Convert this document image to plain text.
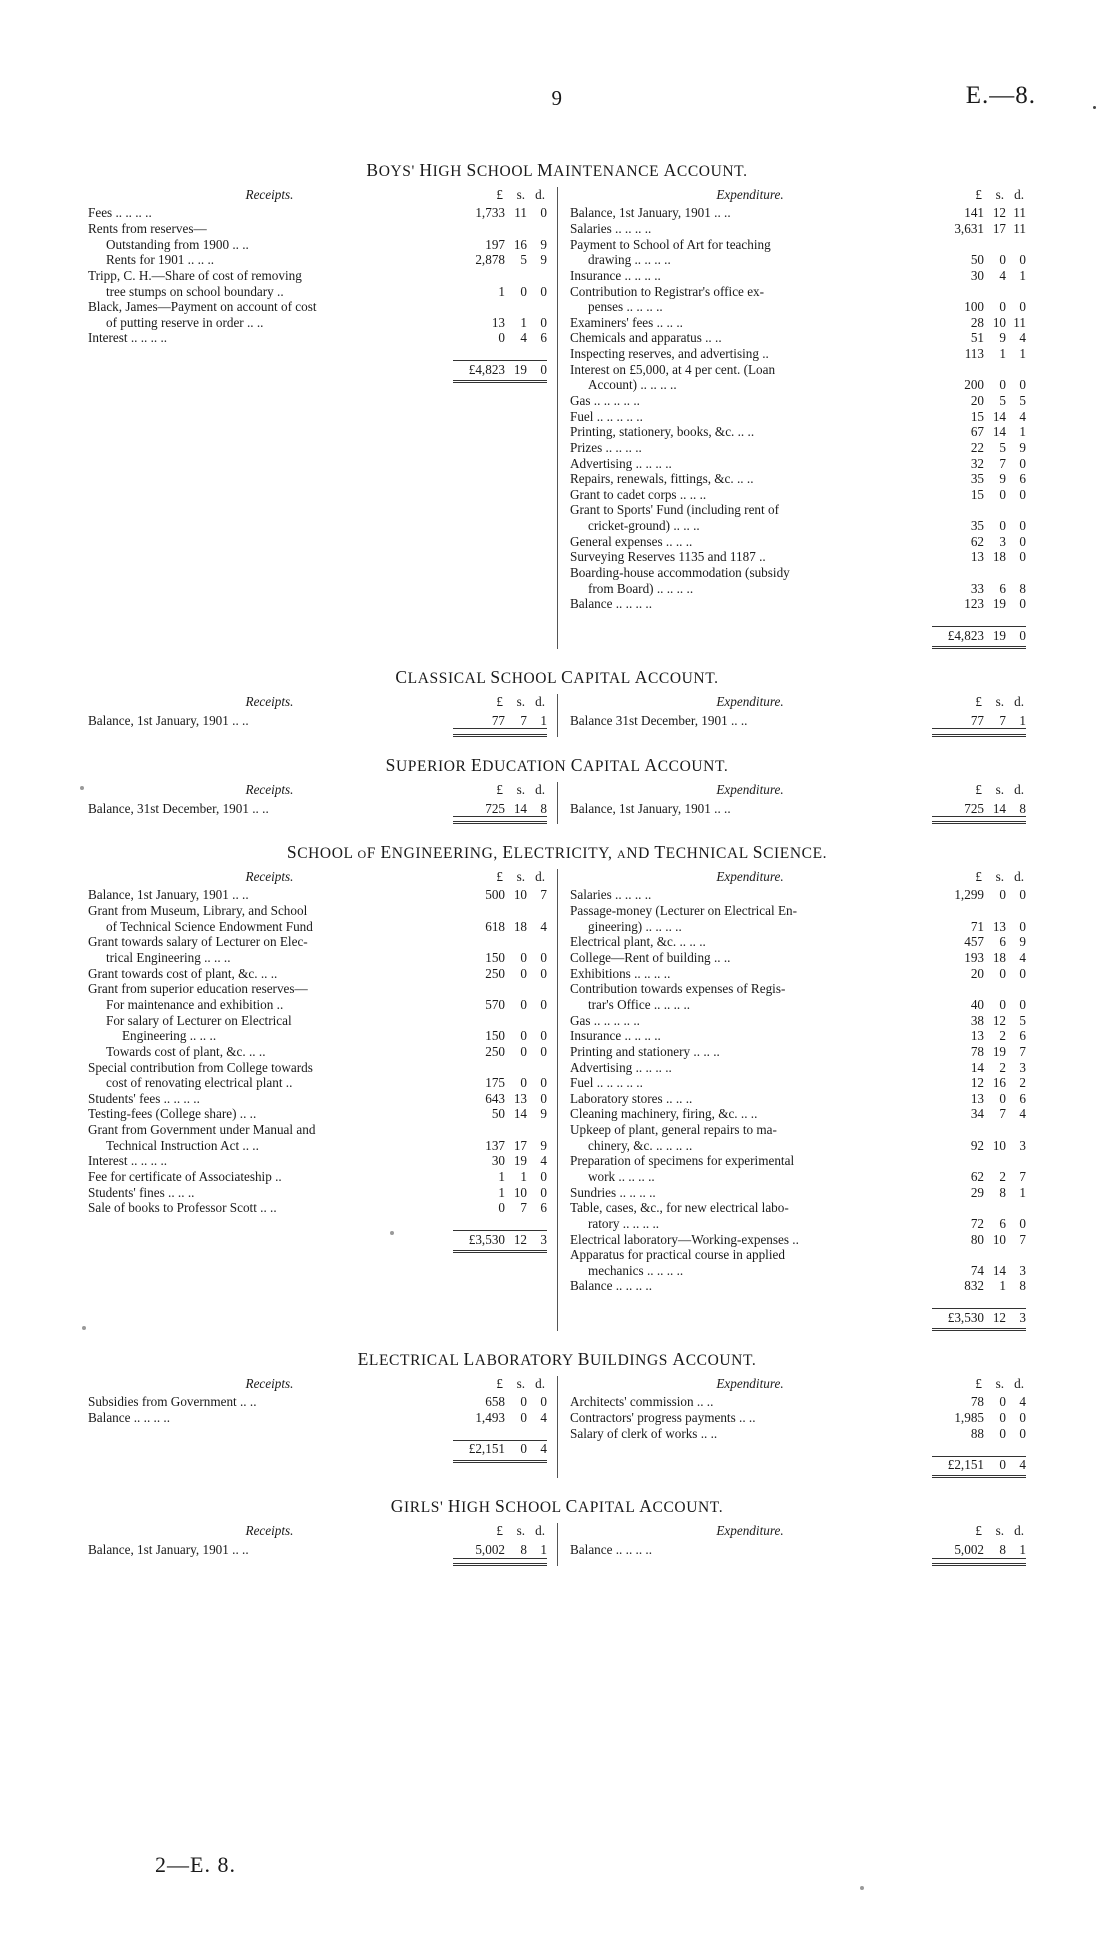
9	E.—8.
BOYS' HIGH SCHOOL MAINTENANCE ACCOUNT.
Receipts.	£ s. d.
Fees .. .. .. ..	1,733	11	0
Rents from reserves—			
Outstanding from 1900 .. ..	197	16	9
Rents for 1901 .. .. ..	2,878	5	9
Tripp, C. H.—Share of cost of removing			
tree stumps on school boundary ..	1	0	0
Black, James—Payment on account of cost			
of putting reserve in order .. ..	13	1	0
Interest .. .. .. ..	0	4	6

	£4,823	19	0

Expenditure.	£ s. d.
Balance, 1st January, 1901 .. ..	141	12	11
Salaries .. .. .. ..	3,631	17	11
Payment to School of Art for teaching			
drawing .. .. .. ..	50	0	0
Insurance .. .. .. ..	30	4	1
Contribution to Registrar's office ex-			
penses .. .. .. ..	100	0	0
Examiners' fees .. .. ..	28	10	11
Chemicals and apparatus .. ..	51	9	4
Inspecting reserves, and advertising ..	113	1	1
Interest on £5,000, at 4 per cent. (Loan			
Account) .. .. .. ..	200	0	0
Gas .. .. .. .. ..	20	5	5
Fuel .. .. .. .. ..	15	14	4
Printing, stationery, books, &c. .. ..	67	14	1
Prizes .. .. .. ..	22	5	9
Advertising .. .. .. ..	32	7	0
Repairs, renewals, fittings, &c. .. ..	35	9	6
Grant to cadet corps .. .. ..	15	0	0
Grant to Sports' Fund (including rent of			
cricket-ground) .. .. ..	35	0	0
General expenses .. .. ..	62	3	0
Surveying Reserves 1135 and 1187 ..	13	18	0
Boarding-house accommodation (subsidy			
from Board) .. .. .. ..	33	6	8
Balance .. .. .. ..	123	19	0

	£4,823	19	0

CLASSICAL SCHOOL CAPITAL ACCOUNT.
Receipts.	£ s. d.
Balance, 1st January, 1901 .. ..	77	7	1

Expenditure.	£ s. d.
Balance 31st December, 1901 .. ..	77	7	1

SUPERIOR EDUCATION CAPITAL ACCOUNT.
Receipts.	£ s. d.
Balance, 31st December, 1901 .. ..	725	14	8

Expenditure.	£ s. d.
Balance, 1st January, 1901 .. ..	725	14	8

SCHOOL oF ENGINEERING, ELECTRICITY, aND TECHNICAL SCIENCE.
Receipts.	£ s. d.
Balance, 1st January, 1901 .. ..	500	10	7
Grant from Museum, Library, and School			
of Technical Science Endowment Fund	618	18	4
Grant towards salary of Lecturer on Elec-			
trical Engineering .. .. ..	150	0	0
Grant towards cost of plant, &c. .. ..	250	0	0
Grant from superior education reserves—			
For maintenance and exhibition ..	570	0	0
For salary of Lecturer on Electrical			
Engineering .. .. ..	150	0	0
Towards cost of plant, &c. .. ..	250	0	0
Special contribution from College towards			
cost of renovating electrical plant ..	175	0	0
Students' fees .. .. .. ..	643	13	0
Testing-fees (College share) .. ..	50	14	9
Grant from Government under Manual and			
Technical Instruction Act .. ..	137	17	9
Interest .. .. .. ..	30	19	4
Fee for certificate of Associateship ..	1	1	0
Students' fines .. .. ..	1	10	0
Sale of books to Professor Scott .. ..	0	7	6

	£3,530	12	3

Expenditure.	£ s. d.
Salaries .. .. .. ..	1,299	0	0
Passage-money (Lecturer on Electrical En-			
gineering) .. .. .. ..	71	13	0
Electrical plant, &c. .. .. ..	457	6	9
College—Rent of building .. ..	193	18	4
Exhibitions .. .. .. ..	20	0	0
Contribution towards expenses of Regis-			
trar's Office .. .. .. ..	40	0	0
Gas .. .. .. .. ..	38	12	5
Insurance .. .. .. ..	13	2	6
Printing and stationery .. .. ..	78	19	7
Advertising .. .. .. ..	14	2	3
Fuel .. .. .. .. ..	12	16	2
Laboratory stores .. .. ..	13	0	6
Cleaning machinery, firing, &c. .. ..	34	7	4
Upkeep of plant, general repairs to ma-			
chinery, &c. .. .. .. ..	92	10	3
Preparation of specimens for experimental			
work .. .. .. ..	62	2	7
Sundries .. .. .. ..	29	8	1
Table, cases, &c., for new electrical labo-			
ratory .. .. .. ..	72	6	0
Electrical laboratory—Working-expenses ..	80	10	7
Apparatus for practical course in applied			
mechanics .. .. .. ..	74	14	3
Balance .. .. .. ..	832	1	8

	£3,530	12	3

ELECTRICAL LABORATORY BUILDINGS ACCOUNT.
Receipts.	£ s. d.
Subsidies from Government .. ..	658	0	0
Balance .. .. .. ..	1,493	0	4

	£2,151	0	4

Expenditure.	£ s. d.
Architects' commission .. ..	78	0	4
Contractors' progress payments .. ..	1,985	0	0
Salary of clerk of works .. ..	88	0	0

	£2,151	0	4

GIRLS' HIGH SCHOOL CAPITAL ACCOUNT.
Receipts.	£ s. d.
Balance, 1st January, 1901 .. ..	5,002	8	1

Expenditure.	£ s. d.
Balance .. .. .. ..	5,002	8	1

2—E. 8.
